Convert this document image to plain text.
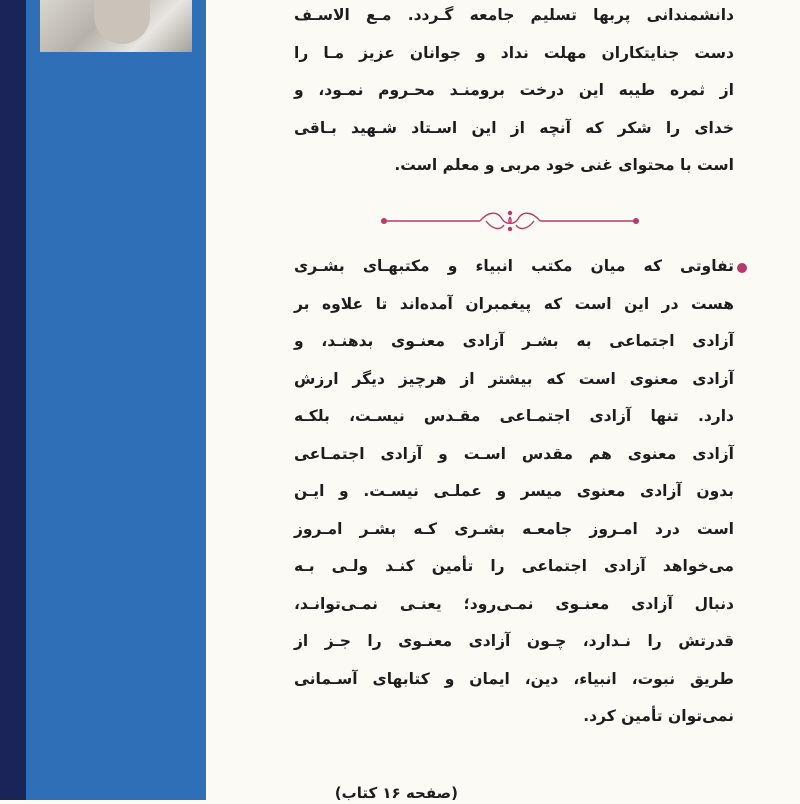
دانشمندانی پربها تسلیم جامعه گـردد. مـع الاسـف
دست جنایتکاران مهلت نداد و جوانان عزیز مـا را
از ثمره طیبه این درخت برومنـد محـروم نمـود، و
خدای را شکر که آنچه از این اسـتاد شـهید بـاقی
است با محتوای غنی خود مربی و معلم است.
تفاوتی که میان مکتب انبیاء و مکتبهـای بشـری
هست در این است که پیغمبران آمده‌اند تا علاوه بر
آزادی اجتماعی به بشـر آزادی معنـوی بدهنـد، و
آزادی معنوی است که بیشتر از هرچیز دیگر ارزش
دارد. تنها آزادی اجتمـاعی مقـدس نیسـت، بلکـه
آزادی معنوی هم مقدس اسـت و آزادی اجتمـاعی
بدون آزادی معنوی میسر و عملـی نیسـت. و ایـن
است درد امـروز جامعـه بشـری کـه بشـر امـروز
می‌خواهد آزادی اجتماعی را تأمین کنـد ولـی بـه
دنبال آزادی معنـوی نمـی‌رود؛ یعنـی نمـی‌توانـد،
قدرتش را نـدارد، چـون آزادی معنـوی را جـز از
طریق نبوت، انبیاء، دین، ایمان و کتابهای آسـمانی
نمی‌توان تأمین کرد.
(صفحه ۱۶ کتاب)
